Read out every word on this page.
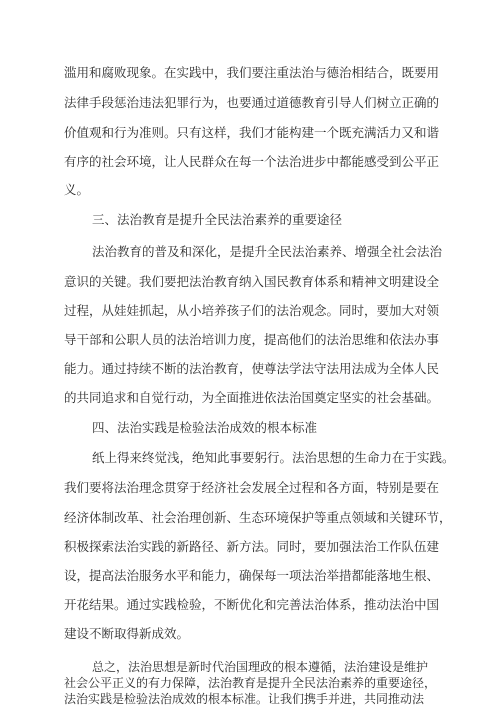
滥用和腐败现象。在实践中，我们要注重法治与德治相结合，既要用
法律手段惩治违法犯罪行为，也要通过道德教育引导人们树立正确的
价值观和行为准则。只有这样，我们才能构建一个既充满活力又和谐
有序的社会环境，让人民群众在每一个法治进步中都能感受到公平正
义。
三、法治教育是提升全民法治素养的重要途径
法治教育的普及和深化，是提升全民法治素养、增强全社会法治
意识的关键。我们要把法治教育纳入国民教育体系和精神文明建设全
过程，从娃娃抓起，从小培养孩子们的法治观念。同时，要加大对领
导干部和公职人员的法治培训力度，提高他们的法治思维和依法办事
能力。通过持续不断的法治教育，使尊法学法守法用法成为全体人民
的共同追求和自觉行动，为全面推进依法治国奠定坚实的社会基础。
四、法治实践是检验法治成效的根本标准
纸上得来终觉浅，绝知此事要躬行。法治思想的生命力在于实践。
我们要将法治理念贯穿于经济社会发展全过程和各方面，特别是要在
经济体制改革、社会治理创新、生态环境保护等重点领域和关键环节，
积极探索法治实践的新路径、新方法。同时，要加强法治工作队伍建
设，提高法治服务水平和能力，确保每一项法治举措都能落地生根、
开花结果。通过实践检验，不断优化和完善法治体系，推动法治中国
建设不断取得新成效。
总之，法治思想是新时代治国理政的根本遵循，法治建设是维护
社会公平正义的有力保障，法治教育是提升全民法治素养的重要途径，
法治实践是检验法治成效的根本标准。让我们携手并进，共同推动法
